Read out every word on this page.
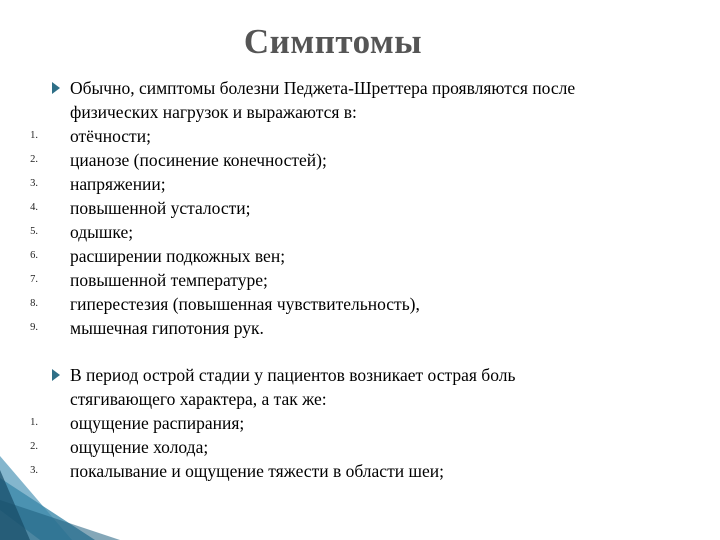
Симптомы
Обычно, симптомы болезни Педжета-Шреттера проявляются после
физических нагрузок и выражаются в:
1. отёчности;
2. цианозе (посинение конечностей);
3. напряжении;
4. повышенной усталости;
5. одышке;
6. расширении подкожных вен;
7. повышенной температуре;
8. гиперестезия (повышенная чувствительность),
9. мышечная гипотония рук.
В период острой стадии у пациентов возникает острая боль
стягивающего характера, а так же:
1. ощущение распирания;
2. ощущение холода;
3. покалывание и ощущение тяжести в области шеи;
